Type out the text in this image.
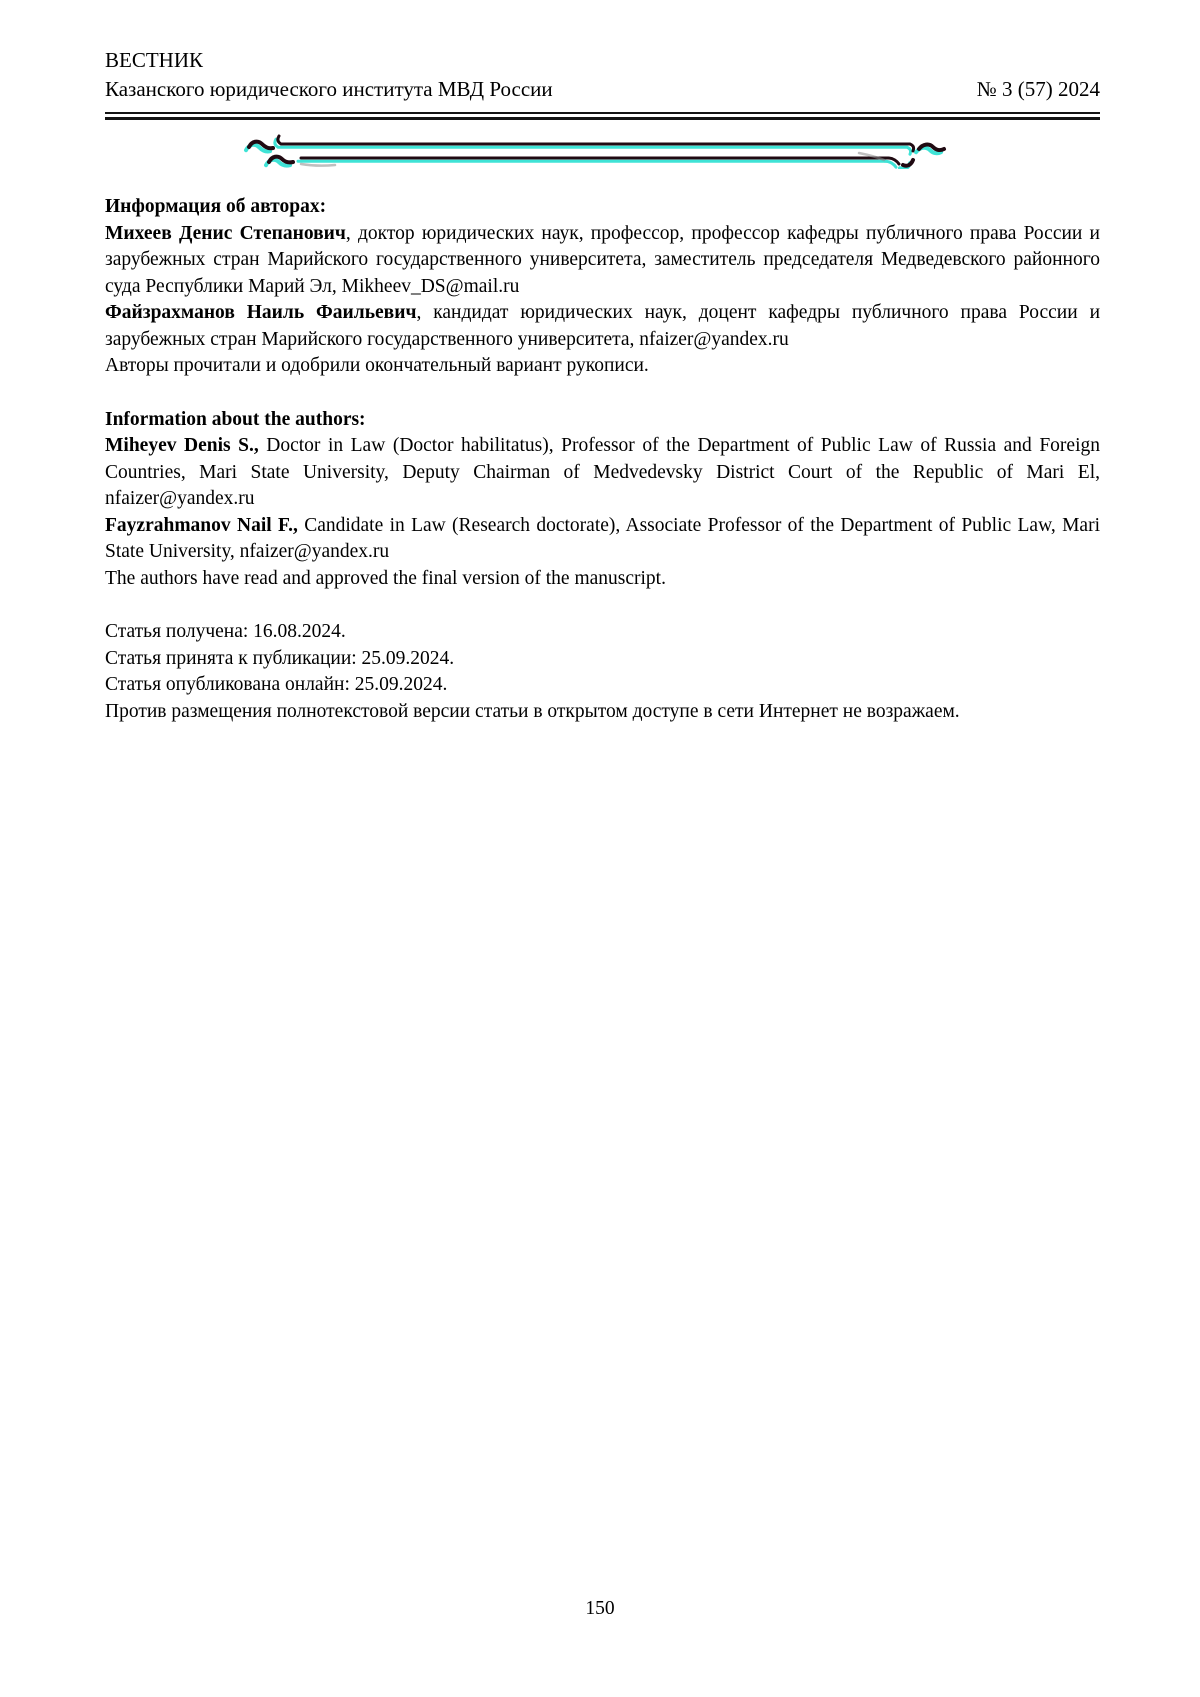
ВЕСТНИК
Казанского юридического института МВД России	№ 3 (57) 2024

Информация об авторах:

Михеев Денис Степанович, доктор юридических наук, профессор, профессор кафедры публичного права России и зарубежных стран Марийского государственного университета, заместитель председателя Медведевского районного суда Республики Марий Эл, Mikheev_DS@mail.ru

Файзрахманов Наиль Фаильевич, кандидат юридических наук, доцент кафедры публичного права России и зарубежных стран Марийского государственного университета, nfaizer@yandex.ru

Авторы прочитали и одобрили окончательный вариант рукописи.

Information about the authors:

Miheyev Denis S., Doctor in Law (Doctor habilitatus), Professor of the Department of Public Law of Russia and Foreign Countries, Mari State University, Deputy Chairman of Medvedevsky District Court of the Republic of Mari El, nfaizer@yandex.ru

Fayzrahmanov Nail F., Candidate in Law (Research doctorate), Associate Professor of the Department of Public Law, Mari State University, nfaizer@yandex.ru

The authors have read and approved the final version of the manuscript.

Статья получена: 16.08.2024.

Статья принята к публикации: 25.09.2024.

Статья опубликована онлайн: 25.09.2024.

Против размещения полнотекстовой версии статьи в открытом доступе в сети Интернет не возражаем.

150
